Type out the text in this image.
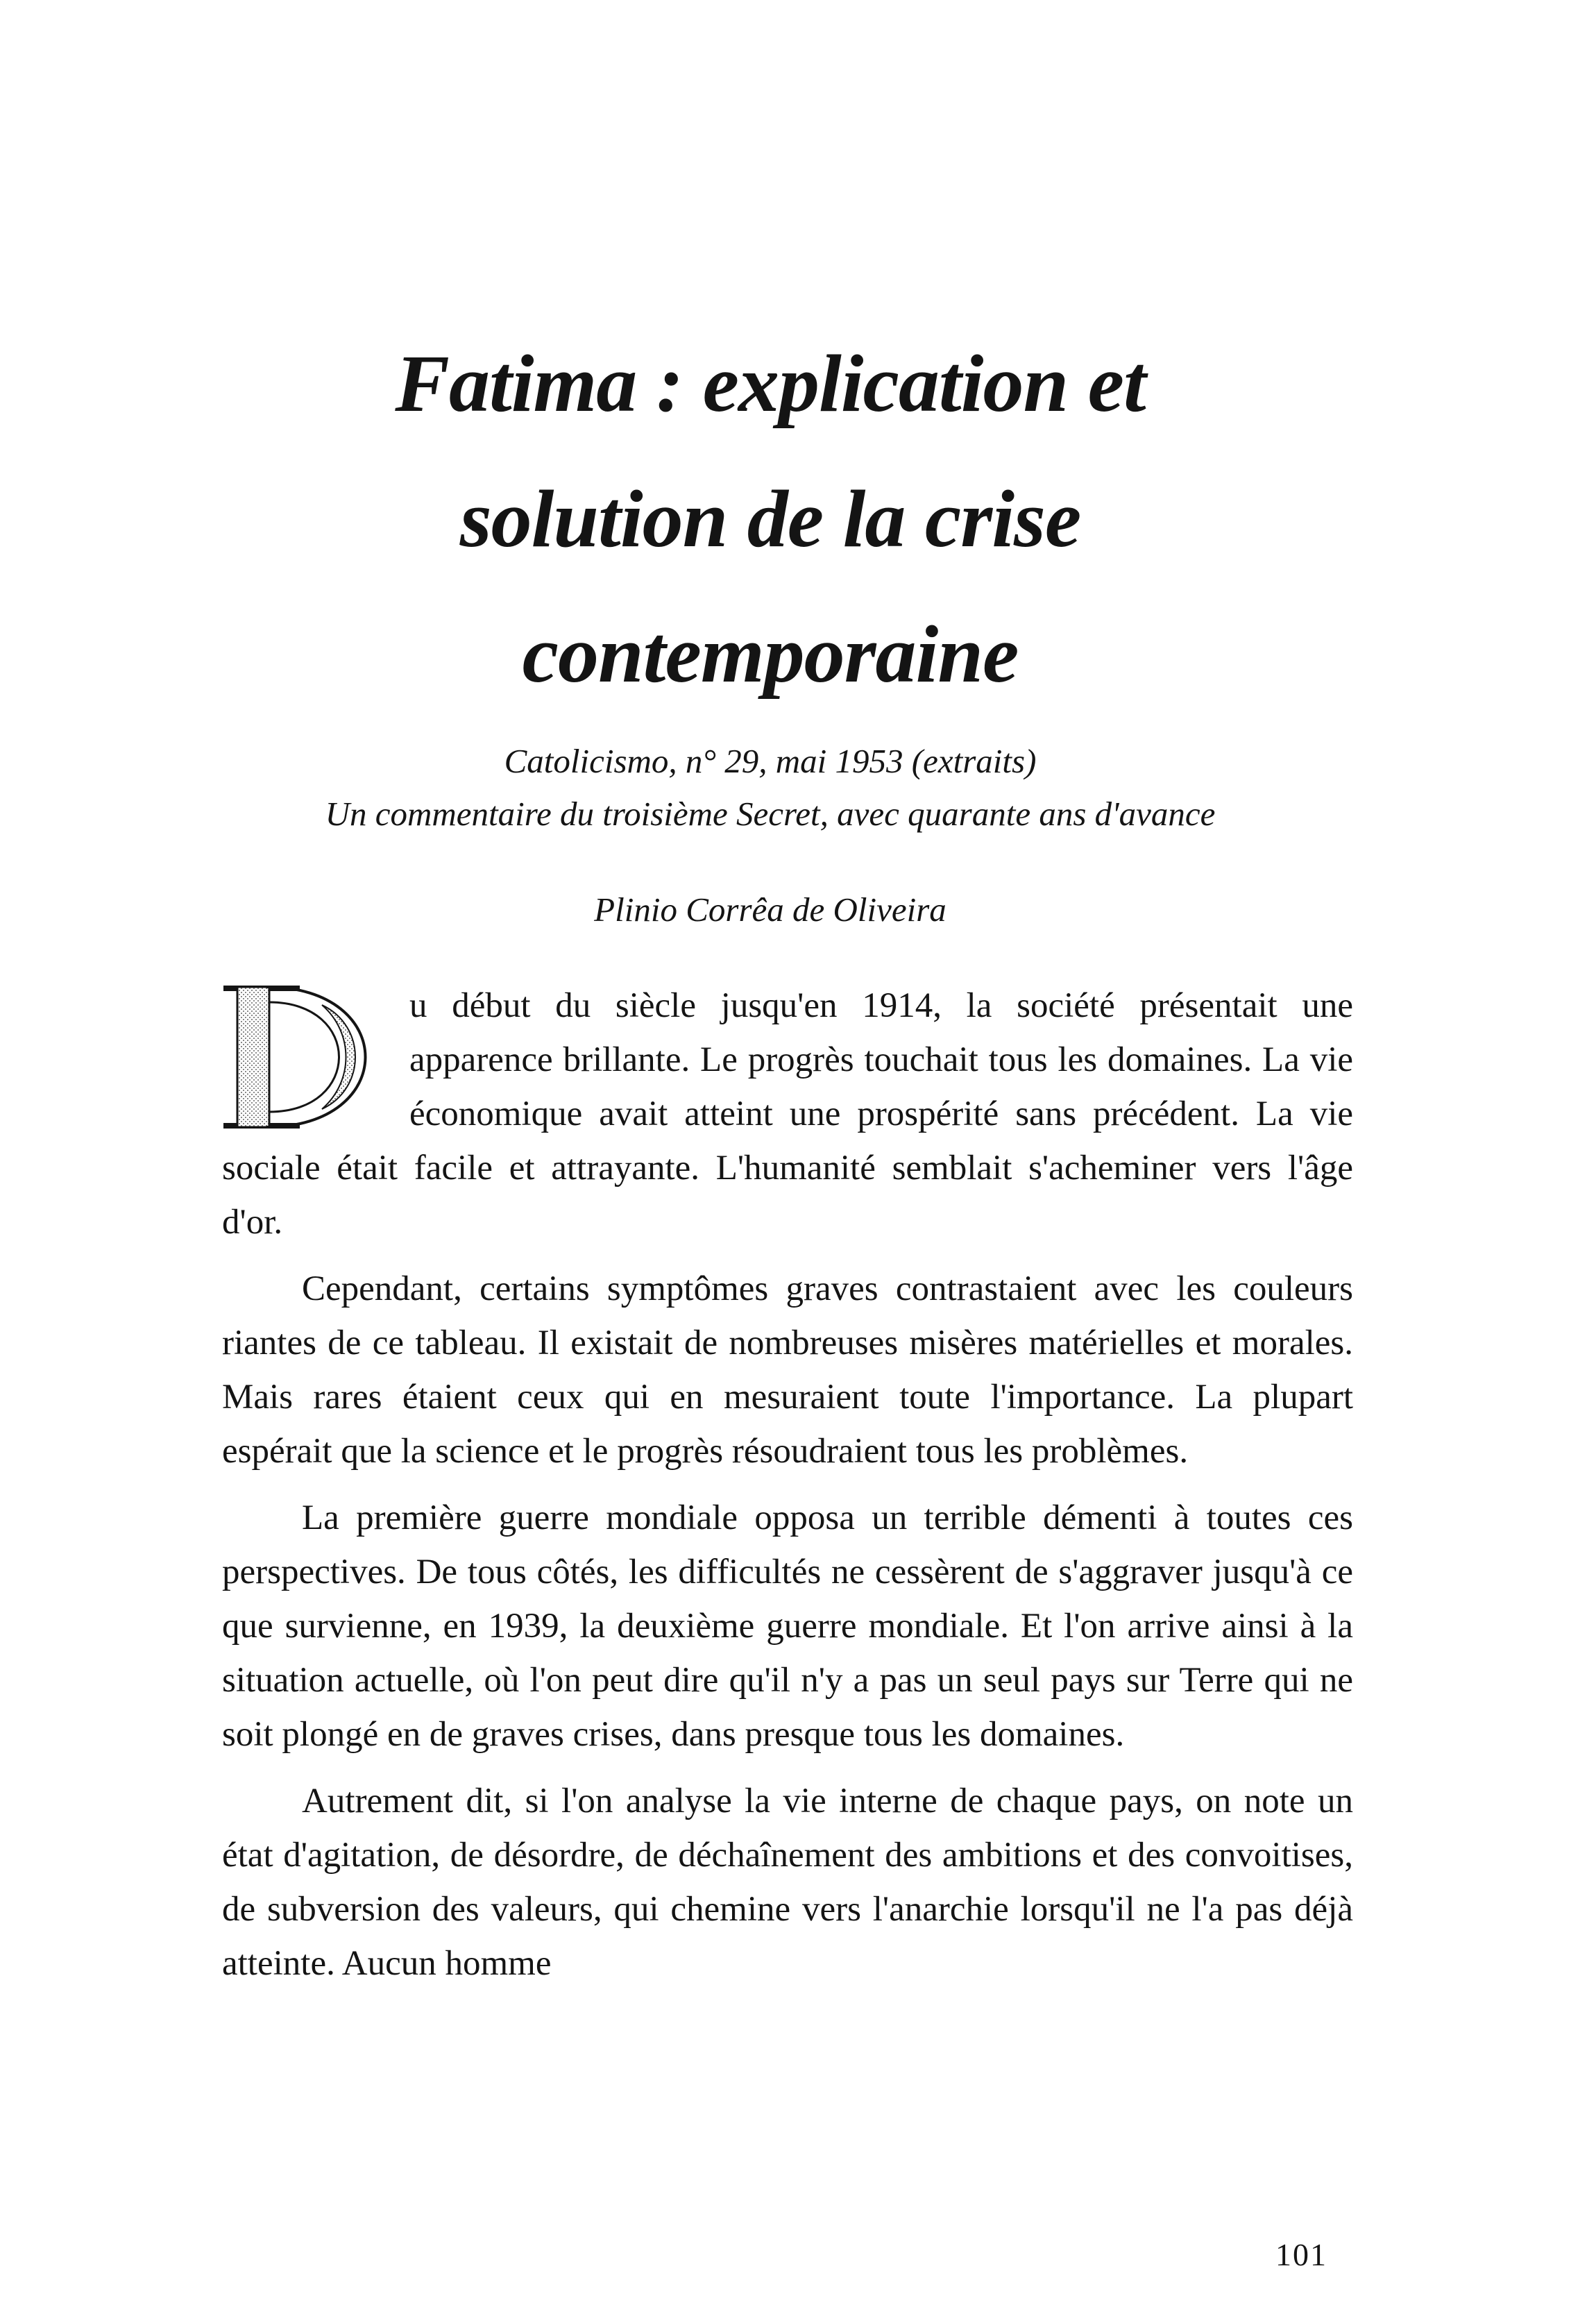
Fatima : explication et
solution de la crise
contemporaine
Catolicismo, n° 29, mai 1953 (extraits)
Un commentaire du troisième Secret, avec quarante ans d'avance
Plinio Corrêa de Oliveira

u début du siècle jusqu'en 1914, la société présentait une apparence brillante. Le progrès touchait tous les domaines. La vie économique avait atteint une prospérité sans précédent. La vie sociale était facile et attrayante. L'humanité semblait s'acheminer vers l'âge d'or.

Cependant, certains symptômes graves contrastaient avec les couleurs riantes de ce tableau. Il existait de nombreuses misères matérielles et morales. Mais rares étaient ceux qui en mesuraient toute l'importance. La plupart espérait que la science et le progrès résoudraient tous les problèmes.

La première guerre mondiale opposa un terrible démenti à toutes ces perspectives. De tous côtés, les difficultés ne cessèrent de s'aggraver jusqu'à ce que survienne, en 1939, la deuxième guerre mondiale. Et l'on arrive ainsi à la situation actuelle, où l'on peut dire qu'il n'y a pas un seul pays sur Terre qui ne soit plongé en de graves crises, dans presque tous les domaines.

Autrement dit, si l'on analyse la vie interne de chaque pays, on note un état d'agitation, de désordre, de déchaînement des ambitions et des convoitises, de subversion des valeurs, qui chemine vers l'anarchie lorsqu'il ne l'a pas déjà atteinte. Aucun homme

101
